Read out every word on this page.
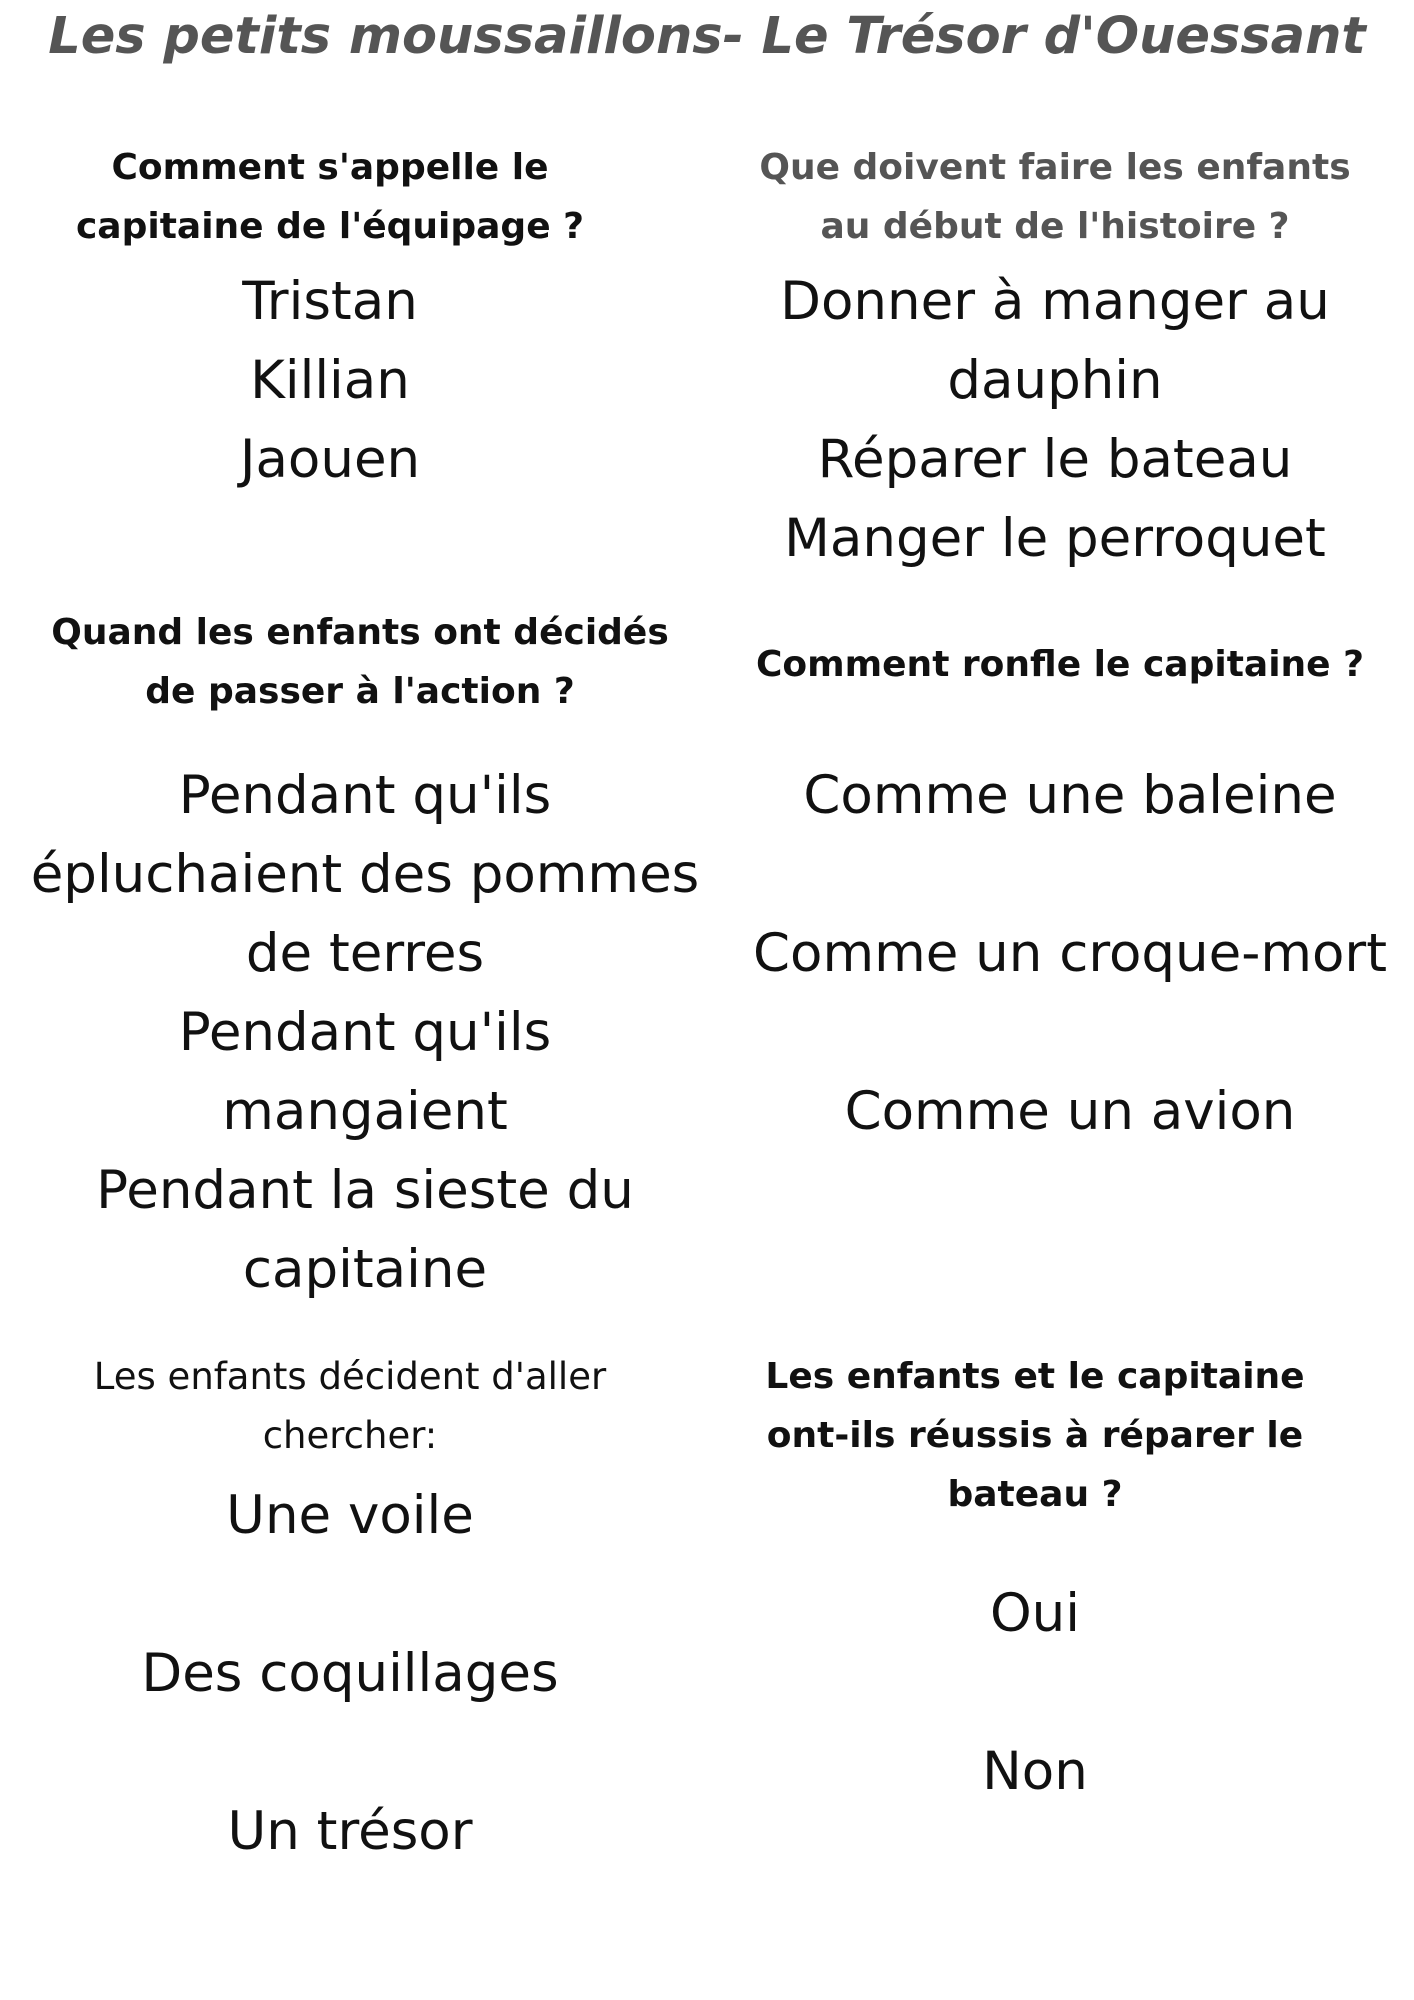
Les petits moussaillons- Le Trésor d'Ouessant
Comment s'appelle le
capitaine de l'équipage ?
Tristan
Killian
Jaouen
Que doivent faire les enfants
au début de l'histoire ?
Donner à manger au
dauphin
Réparer le bateau
Manger le perroquet
Quand les enfants ont décidés
de passer à l'action ?
Pendant qu'ils
épluchaient des pommes
de terres
Pendant qu'ils
mangaient
Pendant la sieste du
capitaine
Comment ronfle le capitaine ?
Comme une baleine
Comme un croque-mort
Comme un avion
Les enfants décident d'aller
chercher:
Une voile
Des coquillages
Un trésor
Les enfants et le capitaine
ont-ils réussis à réparer le
bateau ?
Oui
Non
